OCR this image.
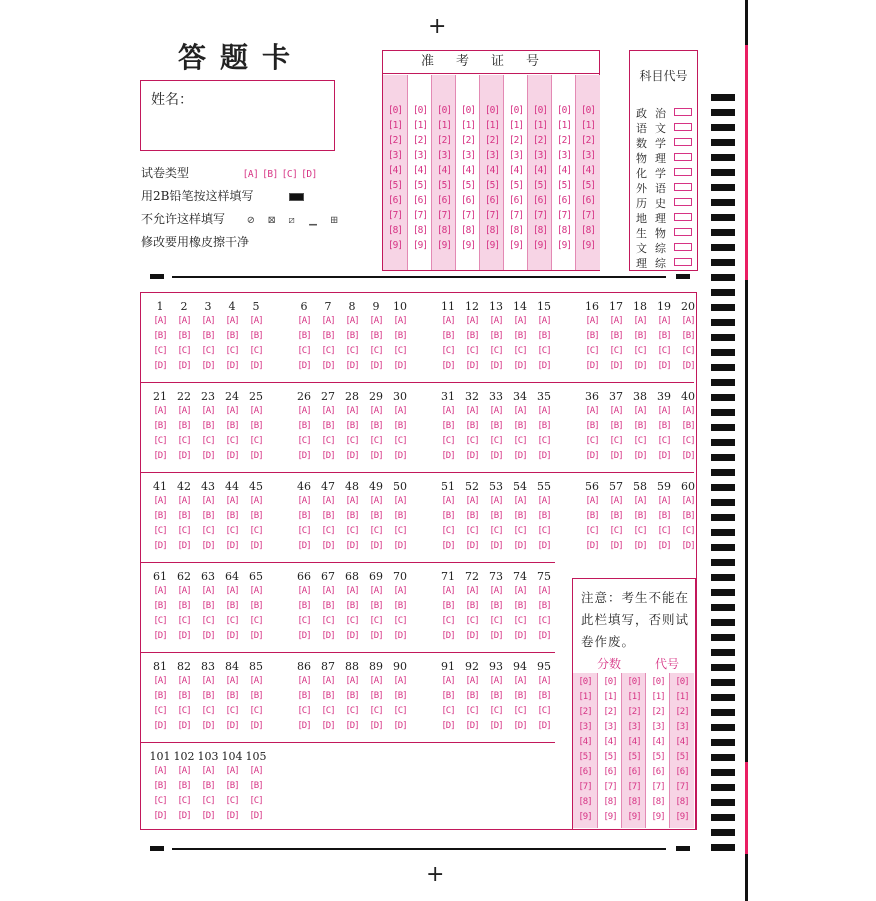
+
+
答题卡
姓名：
试卷类型	[A] [B] [C] [D]
用2B铅笔按这样填写
不允许这样填写 ⊘ ⊠ ⧄ ▁ ⊞
修改要用橡皮擦干净
准考证号
[0]
[1]
[2]
[3]
[4]
[5]
[6]
[7]
[8]
[9]
[0]
[1]
[2]
[3]
[4]
[5]
[6]
[7]
[8]
[9]
[0]
[1]
[2]
[3]
[4]
[5]
[6]
[7]
[8]
[9]
[0]
[1]
[2]
[3]
[4]
[5]
[6]
[7]
[8]
[9]
[0]
[1]
[2]
[3]
[4]
[5]
[6]
[7]
[8]
[9]
[0]
[1]
[2]
[3]
[4]
[5]
[6]
[7]
[8]
[9]
[0]
[1]
[2]
[3]
[4]
[5]
[6]
[7]
[8]
[9]
[0]
[1]
[2]
[3]
[4]
[5]
[6]
[7]
[8]
[9]
[0]
[1]
[2]
[3]
[4]
[5]
[6]
[7]
[8]
[9]
科目代号
政治
语文
数学
物理
化学
外语
历史
地理
生物
文综
理综
1
[A]
[B]
[C]
[D]
2
[A]
[B]
[C]
[D]
3
[A]
[B]
[C]
[D]
4
[A]
[B]
[C]
[D]
5
[A]
[B]
[C]
[D]
6
[A]
[B]
[C]
[D]
7
[A]
[B]
[C]
[D]
8
[A]
[B]
[C]
[D]
9
[A]
[B]
[C]
[D]
10
[A]
[B]
[C]
[D]
11
[A]
[B]
[C]
[D]
12
[A]
[B]
[C]
[D]
13
[A]
[B]
[C]
[D]
14
[A]
[B]
[C]
[D]
15
[A]
[B]
[C]
[D]
16
[A]
[B]
[C]
[D]
17
[A]
[B]
[C]
[D]
18
[A]
[B]
[C]
[D]
19
[A]
[B]
[C]
[D]
20
[A]
[B]
[C]
[D]
21
[A]
[B]
[C]
[D]
22
[A]
[B]
[C]
[D]
23
[A]
[B]
[C]
[D]
24
[A]
[B]
[C]
[D]
25
[A]
[B]
[C]
[D]
26
[A]
[B]
[C]
[D]
27
[A]
[B]
[C]
[D]
28
[A]
[B]
[C]
[D]
29
[A]
[B]
[C]
[D]
30
[A]
[B]
[C]
[D]
31
[A]
[B]
[C]
[D]
32
[A]
[B]
[C]
[D]
33
[A]
[B]
[C]
[D]
34
[A]
[B]
[C]
[D]
35
[A]
[B]
[C]
[D]
36
[A]
[B]
[C]
[D]
37
[A]
[B]
[C]
[D]
38
[A]
[B]
[C]
[D]
39
[A]
[B]
[C]
[D]
40
[A]
[B]
[C]
[D]
41
[A]
[B]
[C]
[D]
42
[A]
[B]
[C]
[D]
43
[A]
[B]
[C]
[D]
44
[A]
[B]
[C]
[D]
45
[A]
[B]
[C]
[D]
46
[A]
[B]
[C]
[D]
47
[A]
[B]
[C]
[D]
48
[A]
[B]
[C]
[D]
49
[A]
[B]
[C]
[D]
50
[A]
[B]
[C]
[D]
51
[A]
[B]
[C]
[D]
52
[A]
[B]
[C]
[D]
53
[A]
[B]
[C]
[D]
54
[A]
[B]
[C]
[D]
55
[A]
[B]
[C]
[D]
56
[A]
[B]
[C]
[D]
57
[A]
[B]
[C]
[D]
58
[A]
[B]
[C]
[D]
59
[A]
[B]
[C]
[D]
60
[A]
[B]
[C]
[D]
61
[A]
[B]
[C]
[D]
62
[A]
[B]
[C]
[D]
63
[A]
[B]
[C]
[D]
64
[A]
[B]
[C]
[D]
65
[A]
[B]
[C]
[D]
66
[A]
[B]
[C]
[D]
67
[A]
[B]
[C]
[D]
68
[A]
[B]
[C]
[D]
69
[A]
[B]
[C]
[D]
70
[A]
[B]
[C]
[D]
71
[A]
[B]
[C]
[D]
72
[A]
[B]
[C]
[D]
73
[A]
[B]
[C]
[D]
74
[A]
[B]
[C]
[D]
75
[A]
[B]
[C]
[D]
81
[A]
[B]
[C]
[D]
82
[A]
[B]
[C]
[D]
83
[A]
[B]
[C]
[D]
84
[A]
[B]
[C]
[D]
85
[A]
[B]
[C]
[D]
86
[A]
[B]
[C]
[D]
87
[A]
[B]
[C]
[D]
88
[A]
[B]
[C]
[D]
89
[A]
[B]
[C]
[D]
90
[A]
[B]
[C]
[D]
91
[A]
[B]
[C]
[D]
92
[A]
[B]
[C]
[D]
93
[A]
[B]
[C]
[D]
94
[A]
[B]
[C]
[D]
95
[A]
[B]
[C]
[D]
101
[A]
[B]
[C]
[D]
102
[A]
[B]
[C]
[D]
103
[A]
[B]
[C]
[D]
104
[A]
[B]
[C]
[D]
105
[A]
[B]
[C]
[D]
注意：考生不能在此栏填写，否则试卷作废。
分数	代号
[0]
[1]
[2]
[3]
[4]
[5]
[6]
[7]
[8]
[9]
[0]
[1]
[2]
[3]
[4]
[5]
[6]
[7]
[8]
[9]
[0]
[1]
[2]
[3]
[4]
[5]
[6]
[7]
[8]
[9]
[0]
[1]
[2]
[3]
[4]
[5]
[6]
[7]
[8]
[9]
[0]
[1]
[2]
[3]
[4]
[5]
[6]
[7]
[8]
[9]
